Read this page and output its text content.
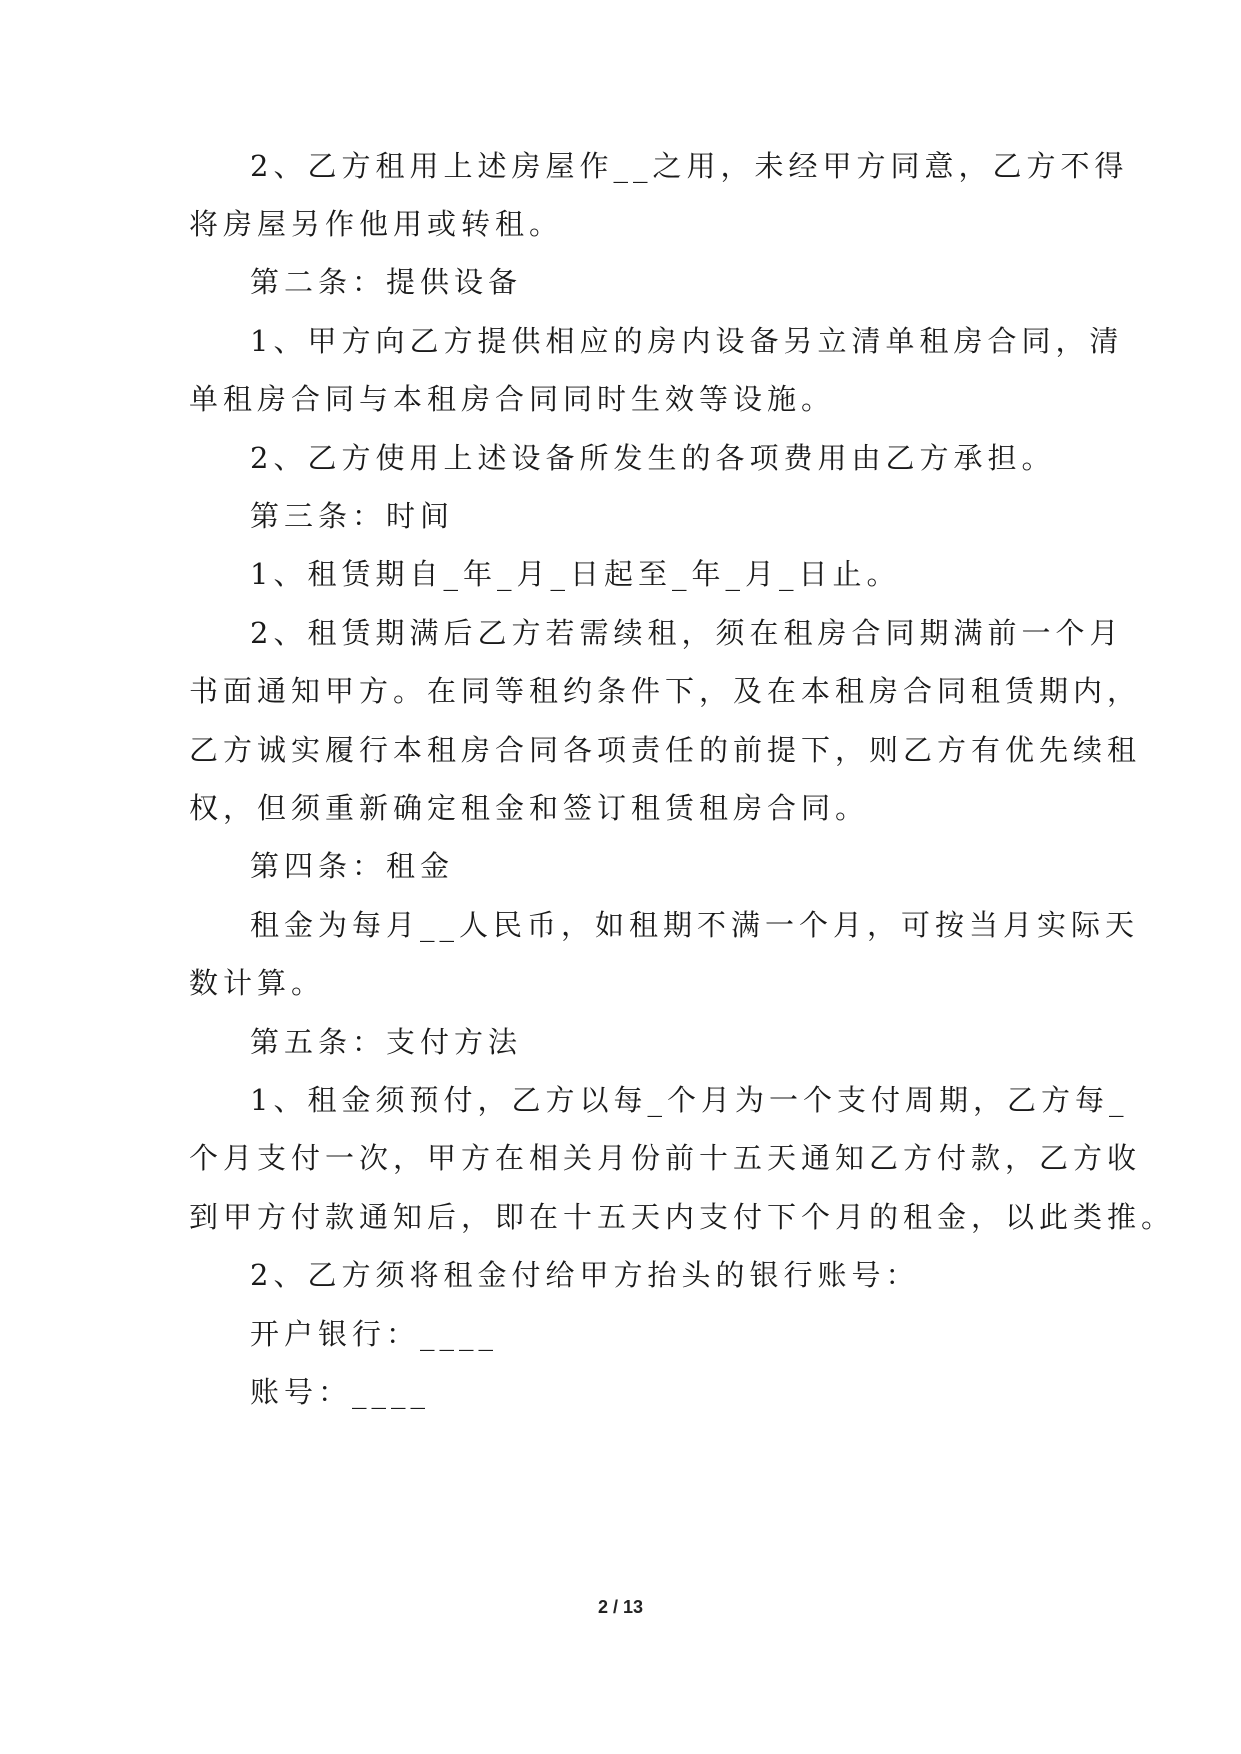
2、乙方租用上述房屋作__之用，未经甲方同意，乙方不得
将房屋另作他用或转租。
第二条：提供设备
1、甲方向乙方提供相应的房内设备另立清单租房合同，清
单租房合同与本租房合同同时生效等设施。
2、乙方使用上述设备所发生的各项费用由乙方承担。
第三条：时间
1、租赁期自_年_月_日起至_年_月_日止。
2、租赁期满后乙方若需续租，须在租房合同期满前一个月
书面通知甲方。在同等租约条件下，及在本租房合同租赁期内，
乙方诚实履行本租房合同各项责任的前提下，则乙方有优先续租
权，但须重新确定租金和签订租赁租房合同。
第四条：租金
租金为每月__人民币，如租期不满一个月，可按当月实际天
数计算。
第五条：支付方法
1、租金须预付，乙方以每_个月为一个支付周期，乙方每_
个月支付一次，甲方在相关月份前十五天通知乙方付款，乙方收
到甲方付款通知后，即在十五天内支付下个月的租金，以此类推。
2、乙方须将租金付给甲方抬头的银行账号：
开户银行：____
账号：____
2 / 13
